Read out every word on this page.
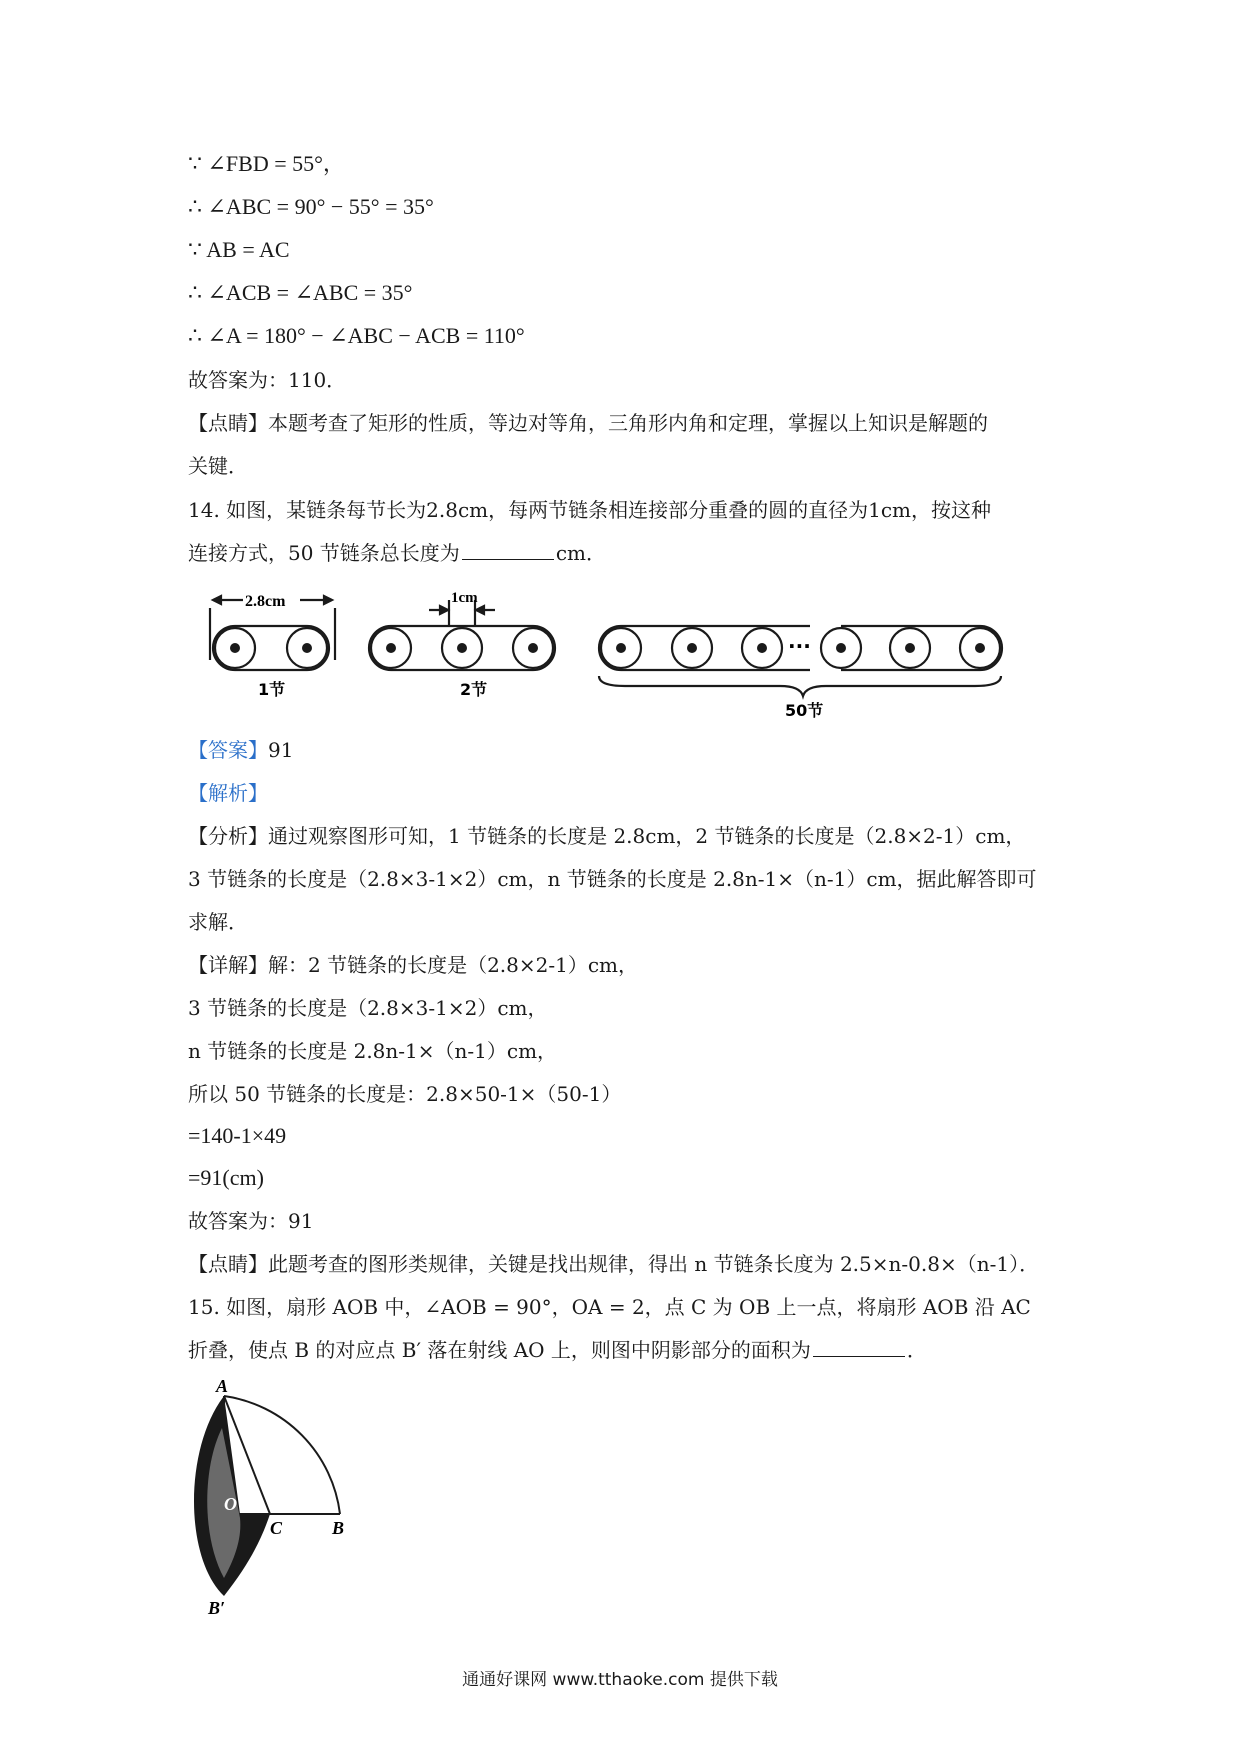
∵ ∠FBD = 55°，
∴ ∠ABC = 90° − 55° = 35°
∵ AB = AC
∴ ∠ACB = ∠ABC = 35°
∴ ∠A = 180° − ∠ABC − ACB = 110°
故答案为：110．
【点睛】本题考查了矩形的性质，等边对等角，三角形内角和定理，掌握以上知识是解题的
关键．
14. 如图，某链条每节长为2.8cm，每两节链条相连接部分重叠的圆的直径为1cm，按这种
连接方式，50 节链条总长度为	cm．
2.8cm
1节
1cm
2节
···
50节
【答案】91
【解析】
【分析】通过观察图形可知，1 节链条的长度是 2.8cm，2 节链条的长度是（2.8×2-1）cm，
3 节链条的长度是（2.8×3-1×2）cm，n 节链条的长度是 2.8n-1×（n-1）cm，据此解答即可
求解．
【详解】解：2 节链条的长度是（2.8×2-1）cm，
3 节链条的长度是（2.8×3-1×2）cm，
n 节链条的长度是 2.8n-1×（n-1）cm，
所以 50 节链条的长度是：2.8×50-1×（50-1）
=140-1×49
=91(cm)
故答案为：91
【点睛】此题考查的图形类规律，关键是找出规律，得出 n 节链条长度为 2.5×n-0.8×（n-1）．
15. 如图，扇形 AOB 中，∠AOB = 90°，OA = 2，点 C 为 OB 上一点，将扇形 AOB 沿 AC
折叠，使点 B 的对应点 B′ 落在射线 AO 上，则图中阴影部分的面积为	．
A
O
C	B
B′
通通好课网 www.tthaoke.com 提供下载
